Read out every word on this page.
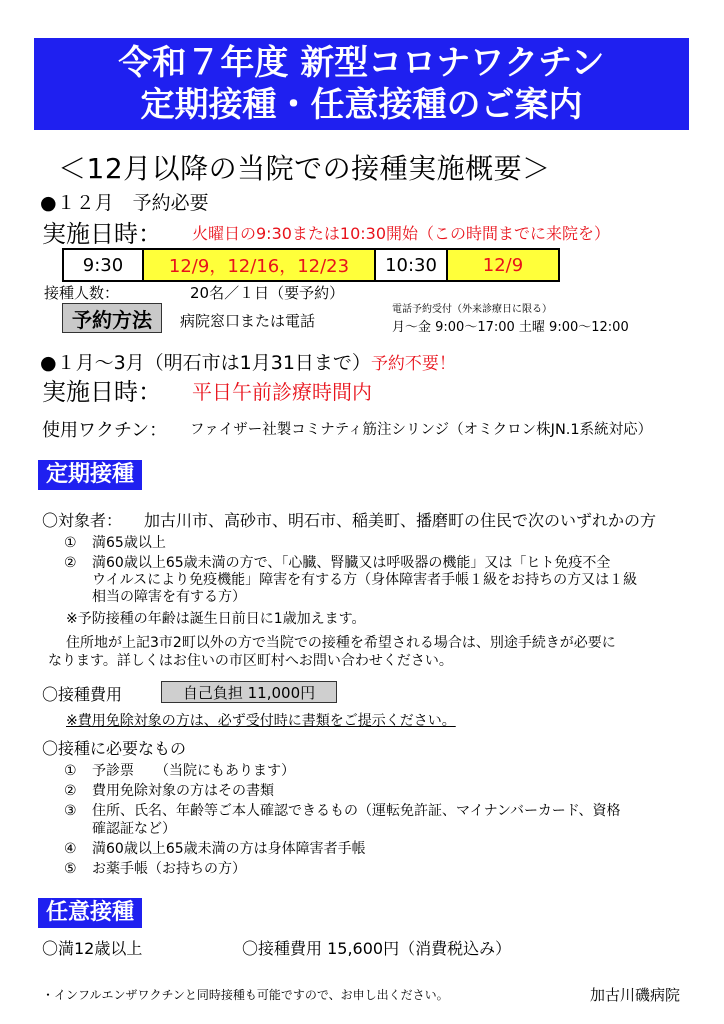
令和７年度 新型コロナワクチン
定期接種・任意接種のご案内
＜12月以降の当院での接種実施概要＞
●１２月　予約必要
実施日時： 火曜日の9:30または10:30開始（この時間までに来院を）
9:30	12/9，12/16，12/23	10:30	12/9
接種人数：	20名／１日（要予約）
予約方法	病院窓口または電話
電話予約受付（外来診療日に限る）
月～金 9:00～17:00 土曜 9:00～12:00
●１月～3月（明石市は1月31日まで）予約不要！
実施日時： 平日午前診療時間内
使用ワクチン： ファイザー社製コミナティ筋注シリンジ（オミクロン株JN.1系統対応）
定期接種
〇対象者： 加古川市、高砂市、明石市、稲美町、播磨町の住民で次のいずれかの方
① 満65歳以上
② 満60歳以上65歳未満の方で、「心臓、腎臓又は呼吸器の機能」又は「ヒト免疫不全
ウイルスにより免疫機能」障害を有する方（身体障害者手帳１級をお持ちの方又は１級
相当の障害を有する方）
※予防接種の年齢は誕生日前日に1歳加えます。
住所地が上記3市2町以外の方で当院での接種を希望される場合は、別途手続きが必要に
なります。詳しくはお住いの市区町村へお問い合わせください。
〇接種費用	自己負担 11,000円
※費用免除対象の方は、必ず受付時に書類をご提示ください。
〇接種に必要なもの
① 予診票　　（当院にもあります）
② 費用免除対象の方はその書類
③ 住所、氏名、年齢等ご本人確認できるもの（運転免許証、マイナンバーカード、資格
確認証など）
④ 満60歳以上65歳未満の方は身体障害者手帳
⑤ お薬手帳（お持ちの方）
任意接種
〇満12歳以上	〇接種費用 15,600円（消費税込み）
・インフルエンザワクチンと同時接種も可能ですので、お申し出ください。	加古川磯病院
